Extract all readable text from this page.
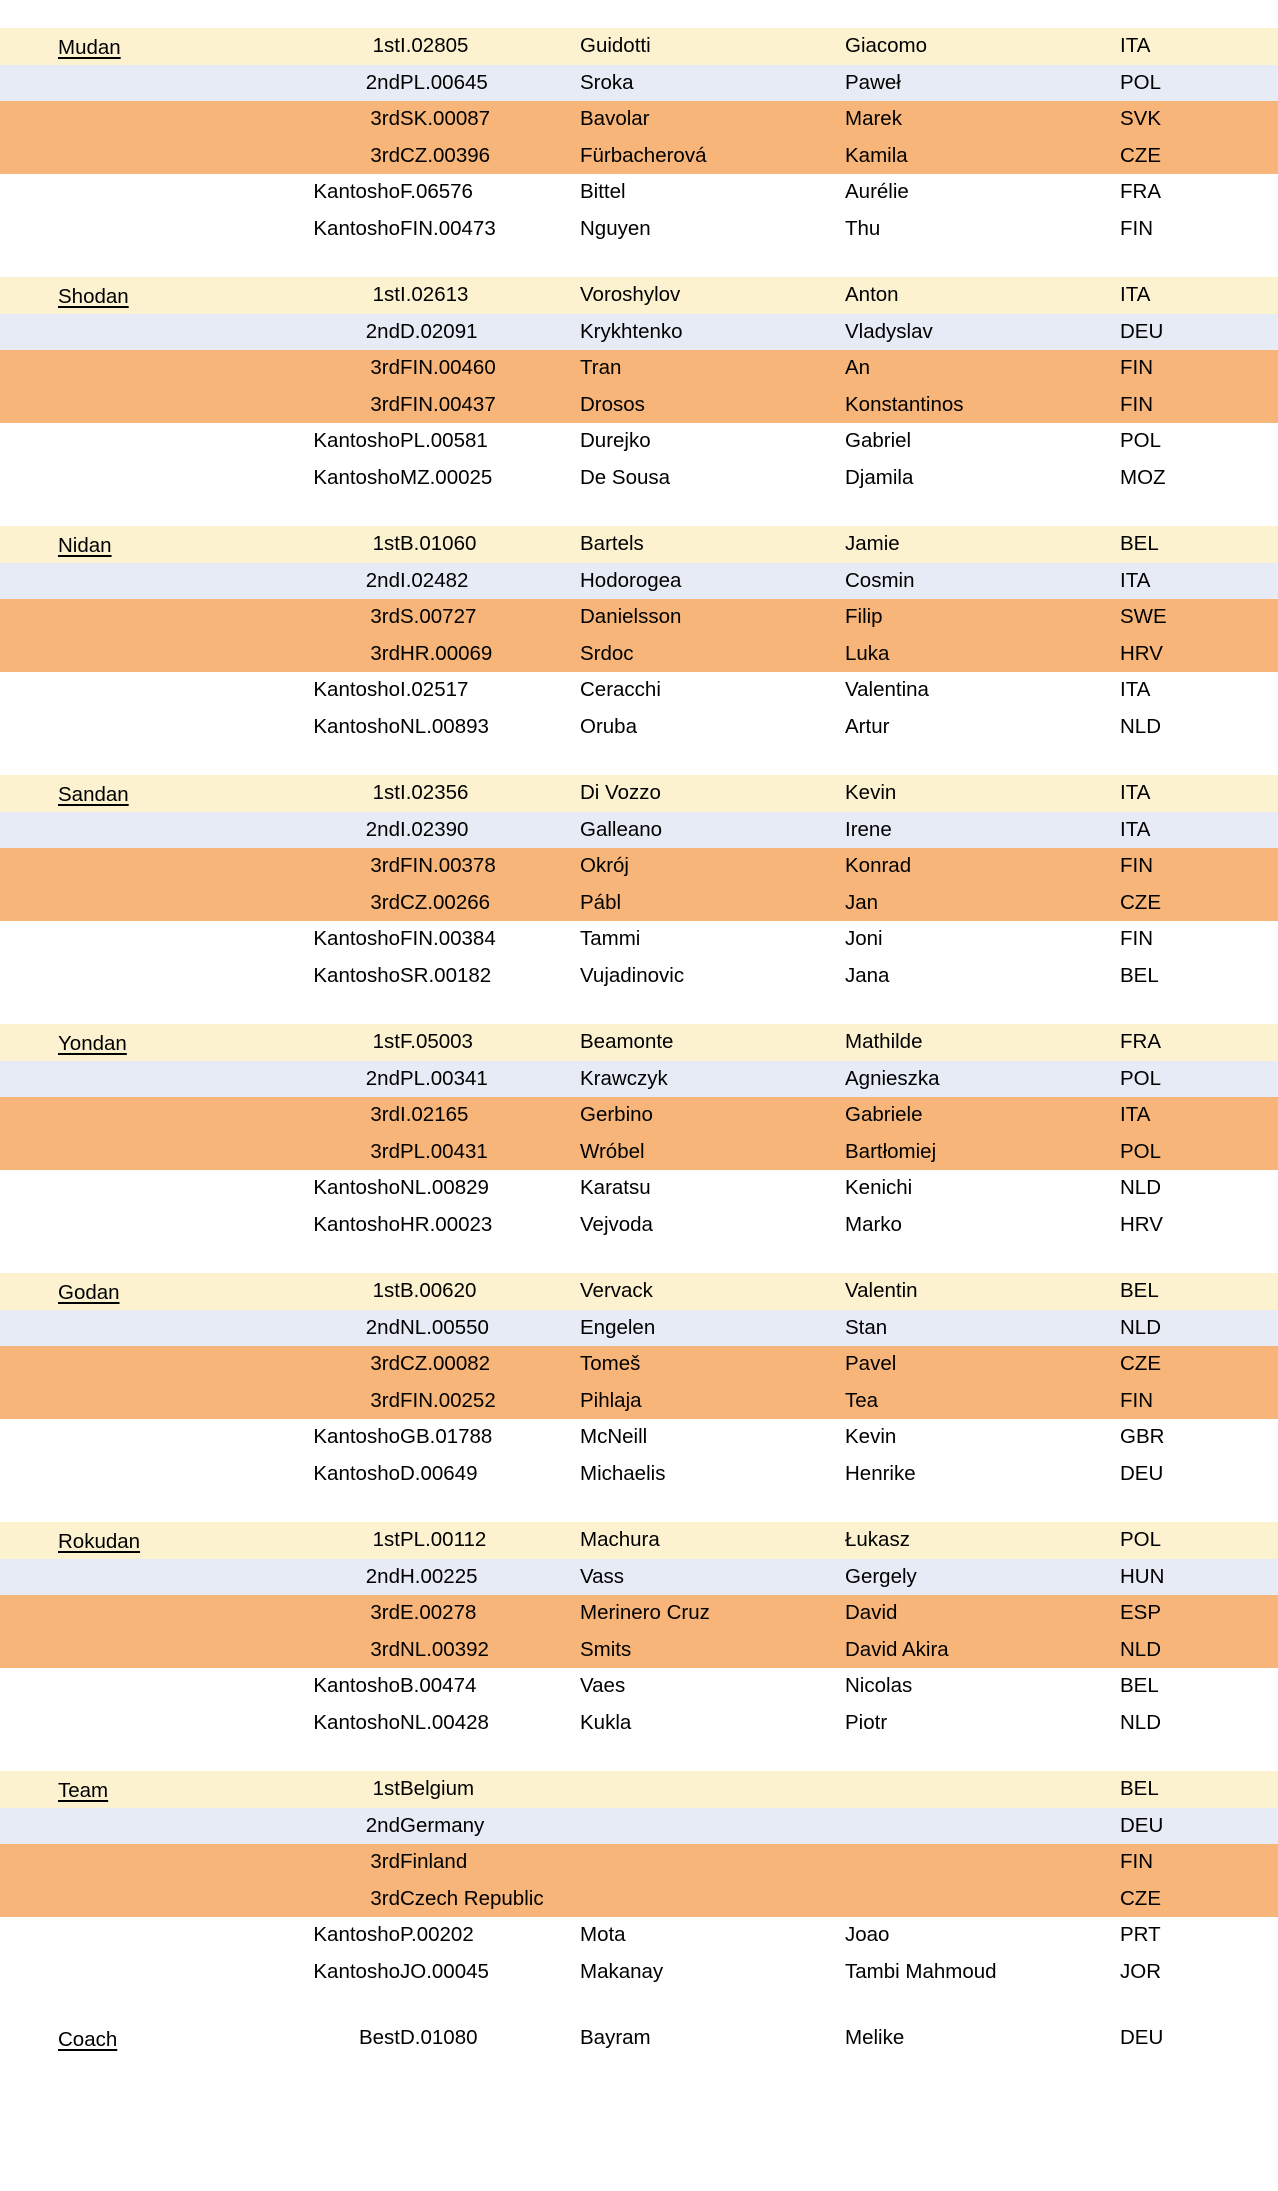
Mudan	1st	I.02805	Guidotti	Giacomo	ITA
2nd	PL.00645	Sroka	Paweł	POL
3rd	SK.00087	Bavolar	Marek	SVK
3rd	CZ.00396	Fürbacherová	Kamila	CZE
Kantosho	F.06576	Bittel	Aurélie	FRA
Kantosho	FIN.00473	Nguyen	Thu	FIN
Shodan	1st	I.02613	Voroshylov	Anton	ITA
2nd	D.02091	Krykhtenko	Vladyslav	DEU
3rd	FIN.00460	Tran	An	FIN
3rd	FIN.00437	Drosos	Konstantinos	FIN
Kantosho	PL.00581	Durejko	Gabriel	POL
Kantosho	MZ.00025	De Sousa	Djamila	MOZ
Nidan	1st	B.01060	Bartels	Jamie	BEL
2nd	I.02482	Hodorogea	Cosmin	ITA
3rd	S.00727	Danielsson	Filip	SWE
3rd	HR.00069	Srdoc	Luka	HRV
Kantosho	I.02517	Ceracchi	Valentina	ITA
Kantosho	NL.00893	Oruba	Artur	NLD
Sandan	1st	I.02356	Di Vozzo	Kevin	ITA
2nd	I.02390	Galleano	Irene	ITA
3rd	FIN.00378	Okrój	Konrad	FIN
3rd	CZ.00266	Pábl	Jan	CZE
Kantosho	FIN.00384	Tammi	Joni	FIN
Kantosho	SR.00182	Vujadinovic	Jana	BEL
Yondan	1st	F.05003	Beamonte	Mathilde	FRA
2nd	PL.00341	Krawczyk	Agnieszka	POL
3rd	I.02165	Gerbino	Gabriele	ITA
3rd	PL.00431	Wróbel	Bartłomiej	POL
Kantosho	NL.00829	Karatsu	Kenichi	NLD
Kantosho	HR.00023	Vejvoda	Marko	HRV
Godan	1st	B.00620	Vervack	Valentin	BEL
2nd	NL.00550	Engelen	Stan	NLD
3rd	CZ.00082	Tomeš	Pavel	CZE
3rd	FIN.00252	Pihlaja	Tea	FIN
Kantosho	GB.01788	McNeill	Kevin	GBR
Kantosho	D.00649	Michaelis	Henrike	DEU
Rokudan	1st	PL.00112	Machura	Łukasz	POL
2nd	H.00225	Vass	Gergely	HUN
3rd	E.00278	Merinero Cruz	David	ESP
3rd	NL.00392	Smits	David Akira	NLD
Kantosho	B.00474	Vaes	Nicolas	BEL
Kantosho	NL.00428	Kukla	Piotr	NLD
Team	1st	Belgium			BEL
2nd	Germany			DEU
3rd	Finland			FIN
3rd	Czech Republic			CZE
Kantosho	P.00202	Mota	Joao	PRT
Kantosho	JO.00045	Makanay	Tambi Mahmoud	JOR
Coach	Best	D.01080	Bayram	Melike	DEU
